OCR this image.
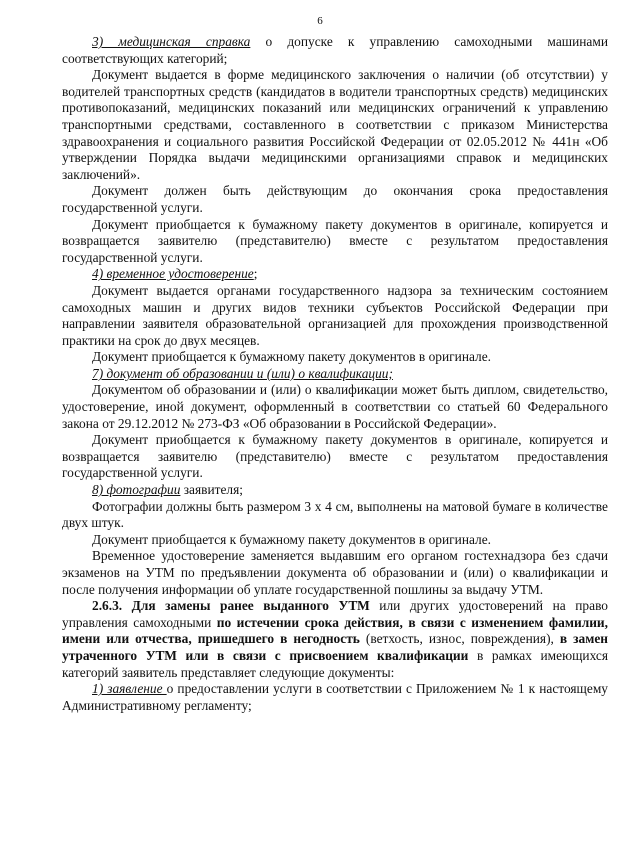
6

3) медицинская справка о допуске к управлению самоходными машинами соответствующих категорий;

Документ выдается в форме медицинского заключения о наличии (об отсутствии) у водителей транспортных средств (кандидатов в водители транспортных средств) медицинских противопоказаний, медицинских показаний или медицинских ограничений к управлению транспортными средствами, составленного в соответствии с приказом Министерства здравоохранения и социального развития Российской Федерации от 02.05.2012 № 441н «Об утверждении Порядка выдачи медицинскими организациями справок и медицинских заключений».

Документ должен быть действующим до окончания срока предоставления государственной услуги.

Документ приобщается к бумажному пакету документов в оригинале, копируется и возвращается заявителю (представителю) вместе с результатом предоставления государственной услуги.

4) временное удостоверение;

Документ выдается органами государственного надзора за техническим состоянием самоходных машин и других видов техники субъектов Российской Федерации при направлении заявителя образовательной организацией для прохождения производственной практики на срок до двух месяцев.

Документ приобщается к бумажному пакету документов в оригинале.

7) документ об образовании и (или) о квалификации;

Документом об образовании и (или) о квалификации может быть диплом, свидетельство, удостоверение, иной документ, оформленный в соответствии со статьей 60 Федерального закона от 29.12.2012 № 273-ФЗ «Об образовании в Российской Федерации».

Документ приобщается к бумажному пакету документов в оригинале, копируется и возвращается заявителю (представителю) вместе с результатом предоставления государственной услуги.

8) фотографии заявителя;

Фотографии должны быть размером 3 х 4 см, выполнены на матовой бумаге в количестве двух штук.

Документ приобщается к бумажному пакету документов в оригинале.

Временное удостоверение заменяется выдавшим его органом гостехнадзора без сдачи экзаменов на УТМ по предъявлении документа об образовании и (или) о квалификации и после получения информации об уплате государственной пошлины за выдачу УТМ.

2.6.3. Для замены ранее выданного УТМ или других удостоверений на право управления самоходными по истечении срока действия, в связи с изменением фамилии, имени или отчества, пришедшего в негодность (ветхость, износ, повреждения), в замен утраченного УТМ или в связи с присвоением квалификации в рамках имеющихся категорий заявитель представляет следующие документы:

1) заявление о предоставлении услуги в соответствии с Приложением № 1 к настоящему Административному регламенту;
